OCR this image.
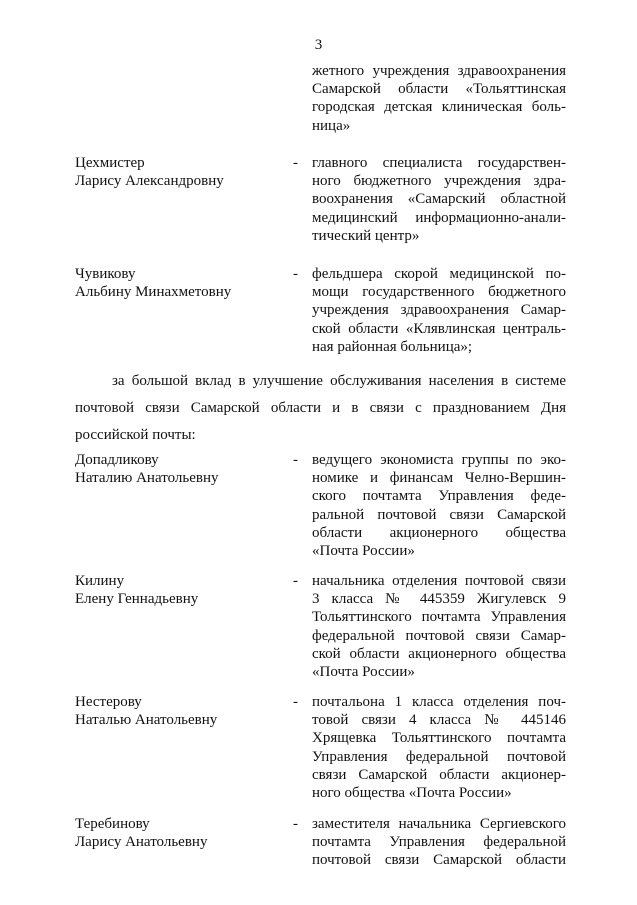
3
жетного учреждения здравоохранения
Самарской области «Тольяттинская
городская детская клиническая боль-
ница»
Цехмистер
Ларису Александровну
- главного специалиста государствен-
ного бюджетного учреждения здра-
воохранения «Самарский областной
медицинский информационно-анали-
тический центр»
Чувикову
Альбину Минахметовну
- фельдшера скорой медицинской по-
мощи государственного бюджетного
учреждения здравоохранения Самар-
ской области «Клявлинская централь-
ная районная больница»;
за большой вклад в улучшение обслуживания населения в системе
почтовой связи Самарской области и в связи с празднованием Дня
российской почты:
Допадликову
Наталию Анатольевну
- ведущего экономиста группы по эко-
номике и финансам Челно-Вершин-
ского почтамта Управления феде-
ральной почтовой связи Самарской
области акционерного общества
«Почта России»
Килину
Елену Геннадьевну
- начальника отделения почтовой связи
3 класса № 445359 Жигулевск 9
Тольяттинского почтамта Управления
федеральной почтовой связи Самар-
ской области акционерного общества
«Почта России»
Нестерову
Наталью Анатольевну
- почтальона 1 класса отделения поч-
товой связи 4 класса № 445146
Хрящевка Тольяттинского почтамта
Управления федеральной почтовой
связи Самарской области акционер-
ного общества «Почта России»
Теребинову
Ларису Анатольевну
- заместителя начальника Сергиевского
почтамта Управления федеральной
почтовой связи Самарской области
